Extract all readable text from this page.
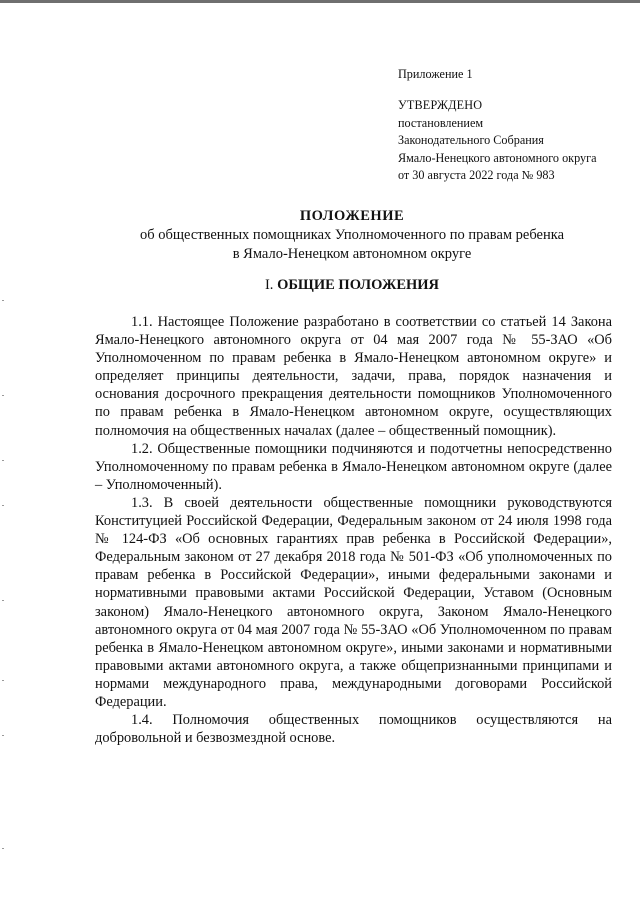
Приложение 1
УТВЕРЖДЕНО
постановлением
Законодательного Собрания
Ямало-Ненецкого автономного округа
от 30 августа 2022 года № 983
ПОЛОЖЕНИЕ
об общественных помощниках Уполномоченного по правам ребенка
в Ямало-Ненецком автономном округе
I. ОБЩИЕ ПОЛОЖЕНИЯ

1.1. Настоящее Положение разработано в соответствии со статьей 14 Закона Ямало-Ненецкого автономного округа от 04 мая 2007 года № 55-ЗАО «Об Уполномоченном по правам ребенка в Ямало-Ненецком автономном округе» и определяет принципы деятельности, задачи, права, порядок назначения и основания досрочного прекращения деятельности помощников Уполномоченного по правам ребенка в Ямало-Ненецком автономном округе, осуществляющих полномочия на общественных началах (далее – общественный помощник).

1.2. Общественные помощники подчиняются и подотчетны непосредственно Уполномоченному по правам ребенка в Ямало-Ненецком автономном округе (далее – Уполномоченный).

1.3. В своей деятельности общественные помощники руководствуются Конституцией Российской Федерации, Федеральным законом от 24 июля 1998 года № 124-ФЗ «Об основных гарантиях прав ребенка в Российской Федерации», Федеральным законом от 27 декабря 2018 года № 501-ФЗ «Об уполномоченных по правам ребенка в Российской Федерации», иными федеральными законами и нормативными правовыми актами Российской Федерации, Уставом (Основным законом) Ямало-Ненецкого автономного округа, Законом Ямало-Ненецкого автономного округа от 04 мая 2007 года № 55-ЗАО «Об Уполномоченном по правам ребенка в Ямало-Ненецком автономном округе», иными законами и нормативными правовыми актами автономного округа, а также общепризнанными принципами и нормами международного права, международными договорами Российской Федерации.

1.4. Полномочия общественных помощников осуществляются на добровольной и безвозмездной основе.
